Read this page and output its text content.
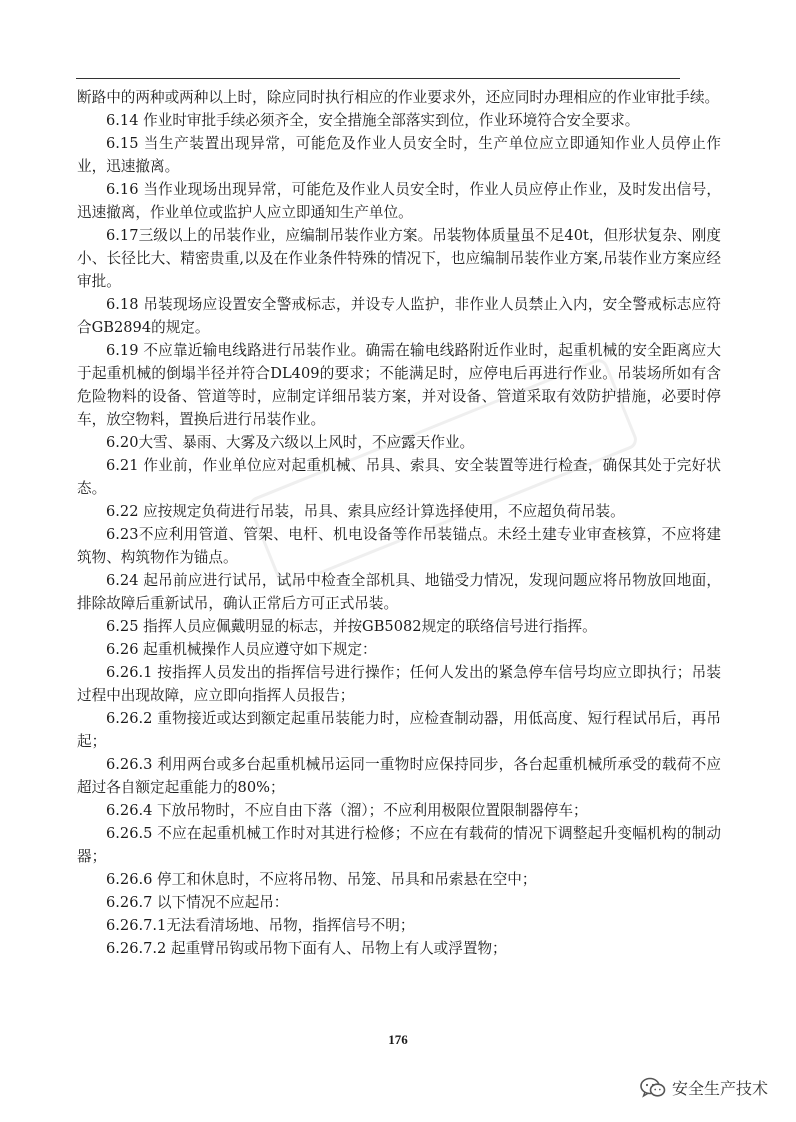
断路中的两种或两种以上时，除应同时执行相应的作业要求外，还应同时办理相应的作业审批手续。

6.14 作业时审批手续必须齐全，安全措施全部落实到位，作业环境符合安全要求。

6.15 当生产装置出现异常，可能危及作业人员安全时，生产单位应立即通知作业人员停止作业，迅速撤离。

6.16 当作业现场出现异常，可能危及作业人员安全时，作业人员应停止作业，及时发出信号，迅速撤离，作业单位或监护人应立即通知生产单位。

6.17三级以上的吊装作业，应编制吊装作业方案。吊装物体质量虽不足40t，但形状复杂、刚度小、长径比大、精密贵重,以及在作业条件特殊的情况下，也应编制吊装作业方案,吊装作业方案应经审批。

6.18 吊装现场应设置安全警戒标志，并设专人监护，非作业人员禁止入内，安全警戒标志应符合GB2894的规定。

6.19 不应靠近输电线路进行吊装作业。确需在输电线路附近作业时，起重机械的安全距离应大于起重机械的倒塌半径并符合DL409的要求；不能满足时，应停电后再进行作业。吊装场所如有含危险物料的设备、管道等时，应制定详细吊装方案，并对设备、管道采取有效防护措施，必要时停车，放空物料，置换后进行吊装作业。

6.20大雪、暴雨、大雾及六级以上风时，不应露天作业。

6.21 作业前，作业单位应对起重机械、吊具、索具、安全装置等进行检查，确保其处于完好状态。

6.22 应按规定负荷进行吊装，吊具、索具应经计算选择使用，不应超负荷吊装。

6.23不应利用管道、管架、电杆、机电设备等作吊装锚点。未经土建专业审查核算，不应将建筑物、构筑物作为锚点。

6.24 起吊前应进行试吊，试吊中检查全部机具、地锚受力情况，发现问题应将吊物放回地面，排除故障后重新试吊，确认正常后方可正式吊装。

6.25 指挥人员应佩戴明显的标志，并按GB5082规定的联络信号进行指挥。

6.26 起重机械操作人员应遵守如下规定：

6.26.1 按指挥人员发出的指挥信号进行操作；任何人发出的紧急停车信号均应立即执行；吊装过程中出现故障，应立即向指挥人员报告；

6.26.2 重物接近或达到额定起重吊装能力时，应检查制动器，用低高度、短行程试吊后，再吊起；

6.26.3 利用两台或多台起重机械吊运同一重物时应保持同步，各台起重机械所承受的载荷不应超过各自额定起重能力的80%；

6.26.4 下放吊物时，不应自由下落（溜）；不应利用极限位置限制器停车；

6.26.5 不应在起重机械工作时对其进行检修；不应在有载荷的情况下调整起升变幅机构的制动器；

6.26.6 停工和休息时，不应将吊物、吊笼、吊具和吊索悬在空中；

6.26.7 以下情况不应起吊：

6.26.7.1无法看清场地、吊物，指挥信号不明；

6.26.7.2 起重臂吊钩或吊物下面有人、吊物上有人或浮置物；

176
安全生产技术
